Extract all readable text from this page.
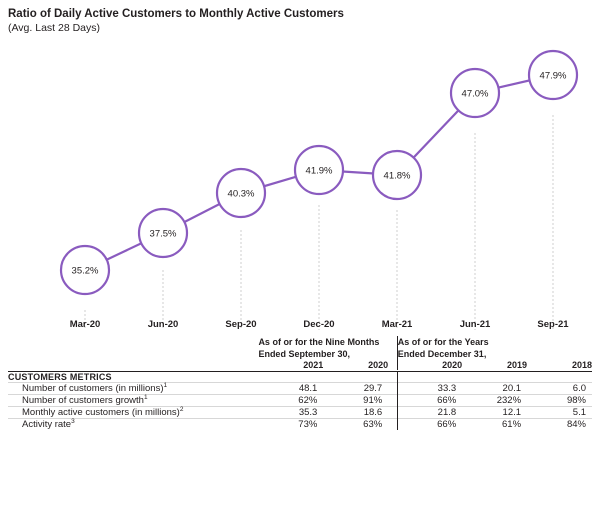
Ratio of Daily Active Customers to Monthly Active Customers

(Avg. Last 28 Days)

35.2%
37.5%
40.3%
41.9%	41.8%
47.0%
47.9%
Mar-20	Jun-20	Sep-20	Dec-20	Mar-21	Jun-21	Sep-21
	As of or for the Nine Months
Ended September 30,			As of or for the Years
Ended December 31,		
	2021	2020		2020	2019	2018

CUSTOMERS METRICS						
Number of customers (in millions)$^1$	48.1	29.7		33.3	20.1	6.0
Number of customers growth$^1$	62%	91%		66%	232%	98%
Monthly active customers (in millions)$^2$	35.3	18.6		21.8	12.1	5.1
Activity rate$^3$	73%	63%		66%	61%	84%
